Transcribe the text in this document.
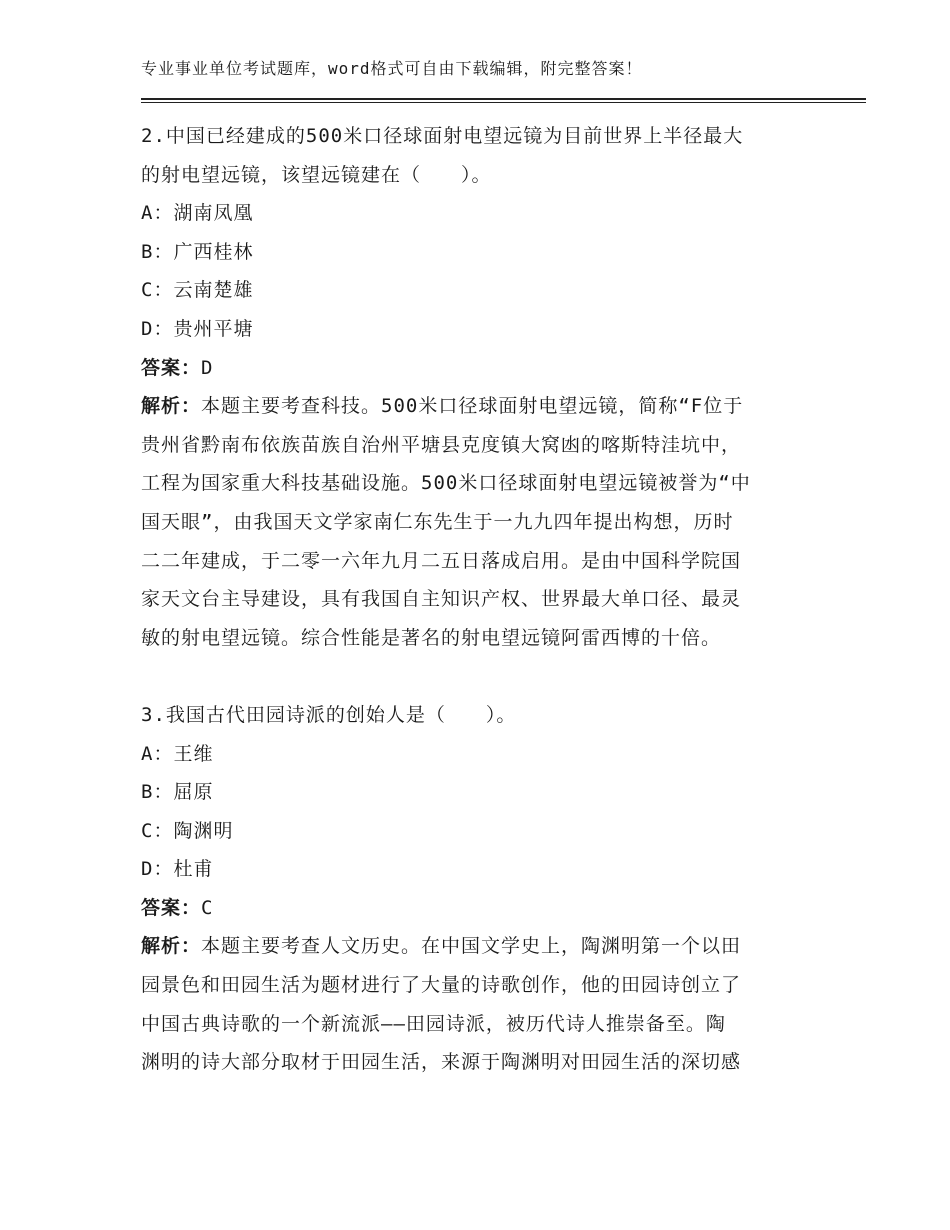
专业事业单位考试题库，word格式可自由下载编辑，附完整答案！
2.中国已经建成的500米口径球面射电望远镜为目前世界上半径最大
的射电望远镜，该望远镜建在（　　）。
A：湖南凤凰
B：广西桂林
C：云南楚雄
D：贵州平塘
答案：D
解析：本题主要考查科技。500米口径球面射电望远镜，简称“F位于
贵州省黔南布依族苗族自治州平塘县克度镇大窝凼的喀斯特洼坑中，
工程为国家重大科技基础设施。500米口径球面射电望远镜被誉为“中
国天眼”，由我国天文学家南仁东先生于一九九四年提出构想，历时
二二年建成，于二零一六年九月二五日落成启用。是由中国科学院国
家天文台主导建设，具有我国自主知识产权、世界最大单口径、最灵
敏的射电望远镜。综合性能是著名的射电望远镜阿雷西博的十倍。
3.我国古代田园诗派的创始人是（　　）。
A：王维
B：屈原
C：陶渊明
D：杜甫
答案：C
解析：本题主要考查人文历史。在中国文学史上，陶渊明第一个以田
园景色和田园生活为题材进行了大量的诗歌创作，他的田园诗创立了
中国古典诗歌的一个新流派——田园诗派，被历代诗人推崇备至。陶
渊明的诗大部分取材于田园生活，来源于陶渊明对田园生活的深切感
